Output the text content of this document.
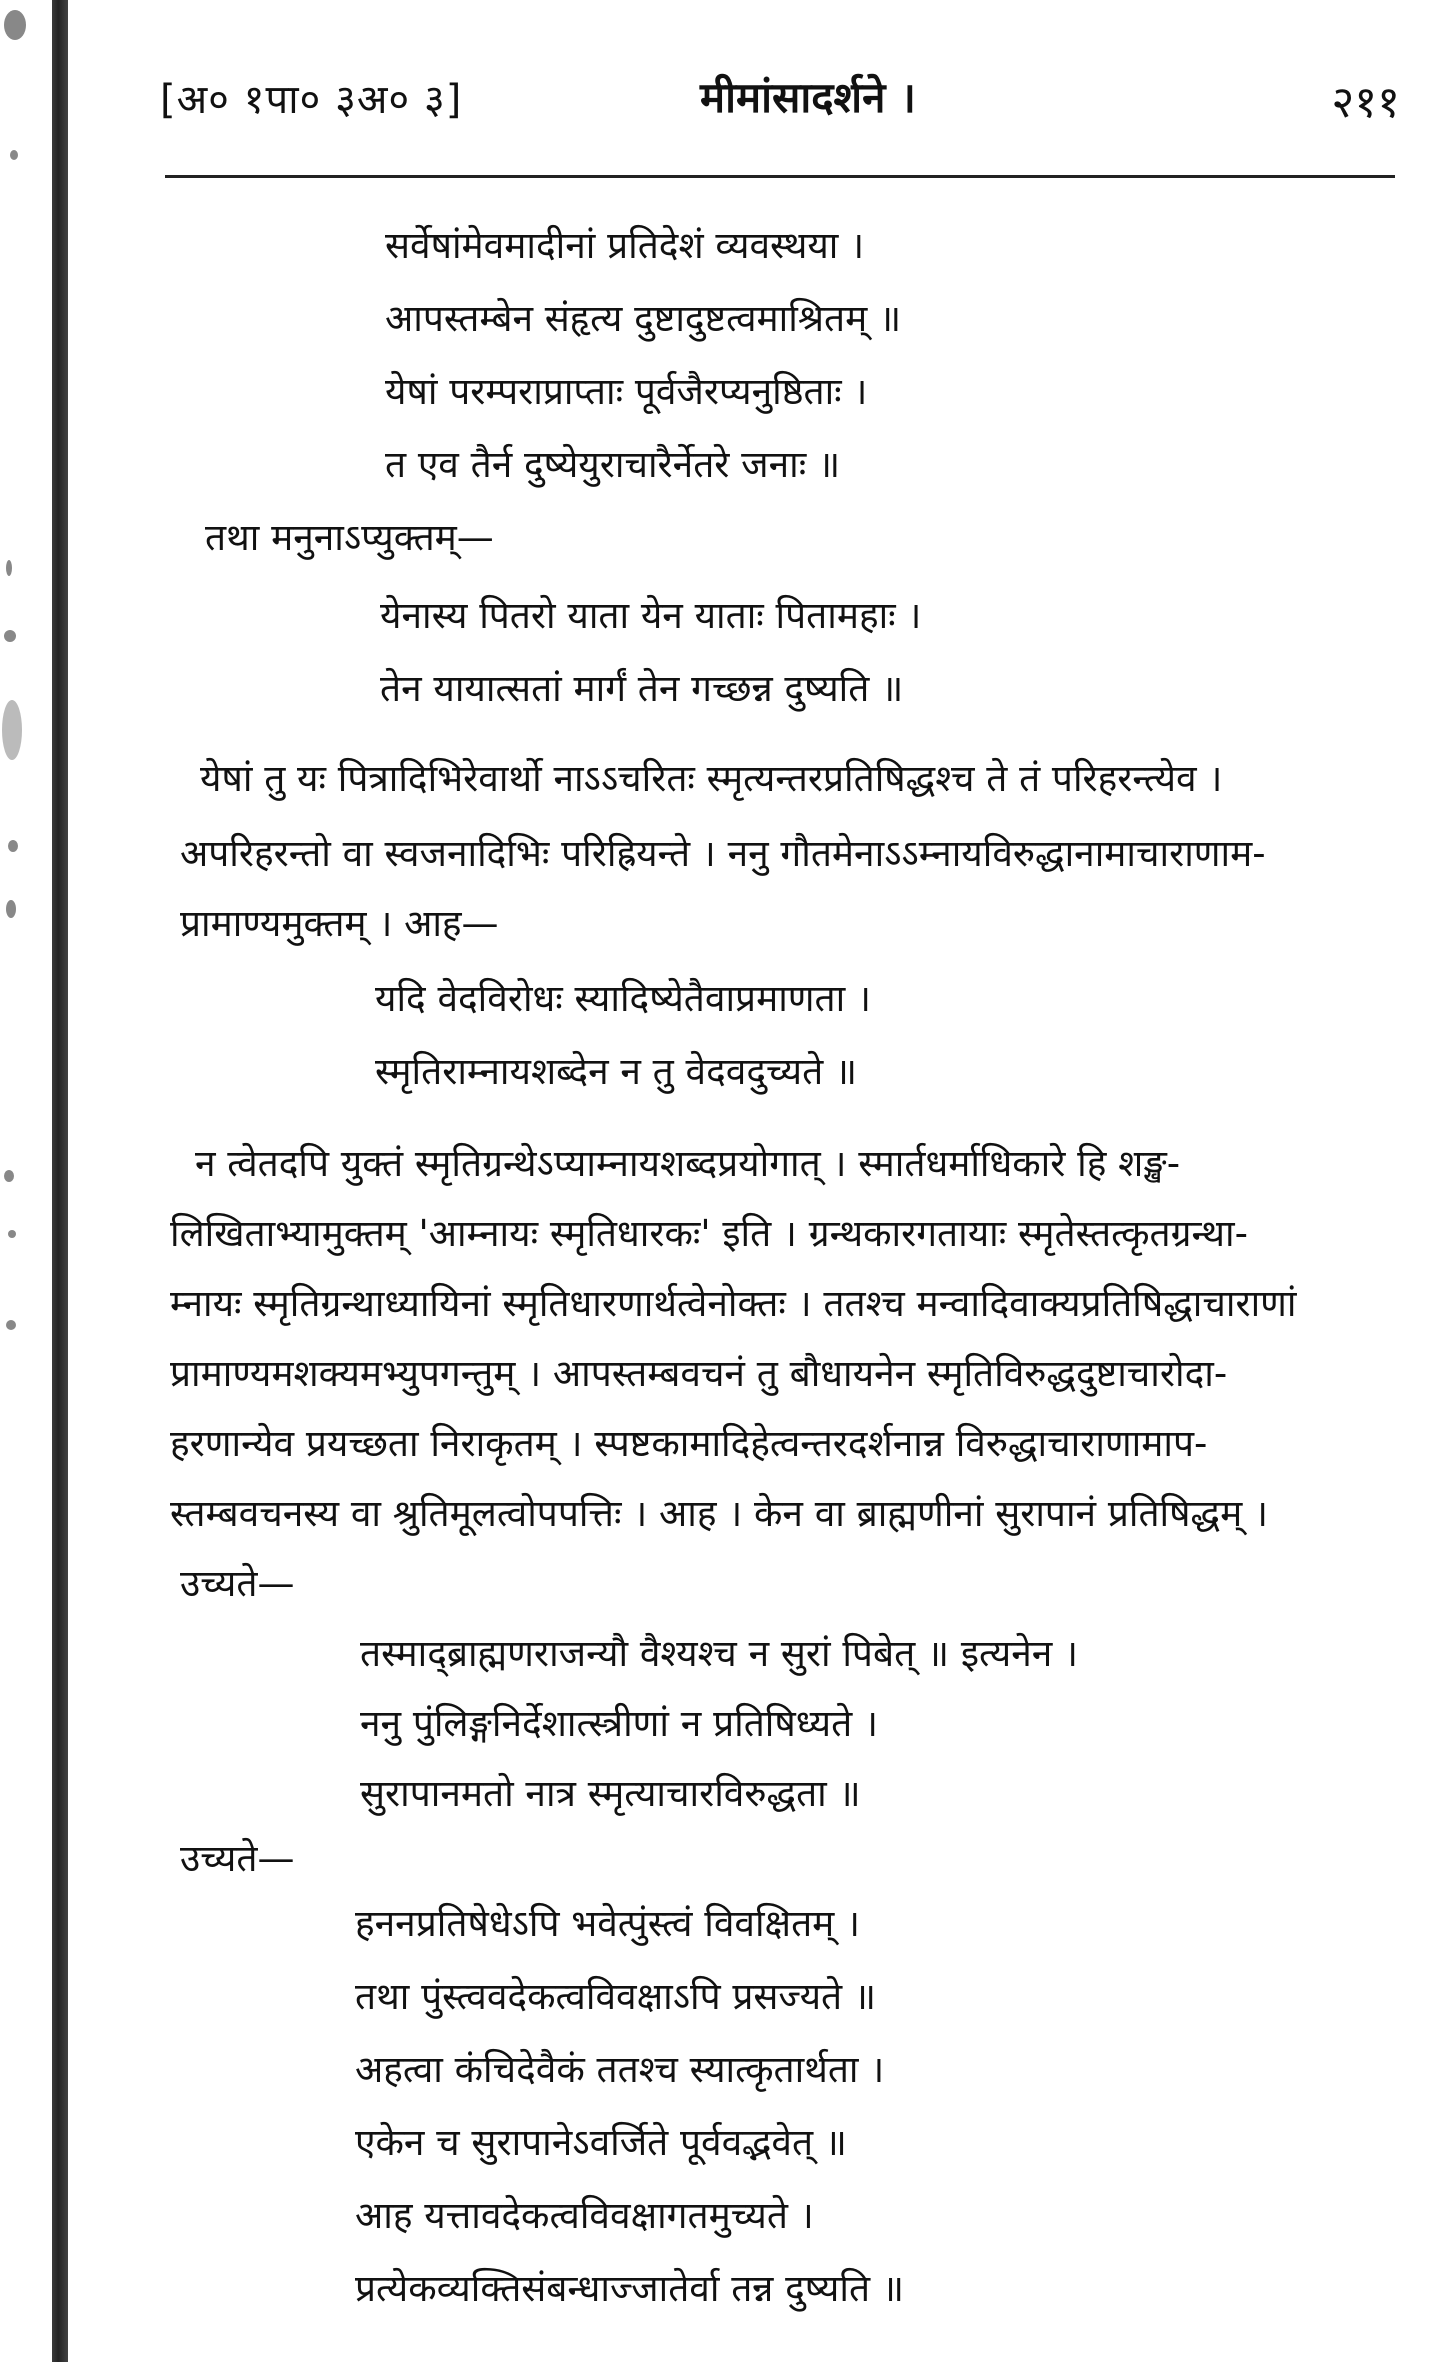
[अ० १पा० ३अ० ३]	मीमांसादर्शने ।	२११
सर्वेषांमेवमादीनां प्रतिदेशं व्यवस्थया ।
आपस्तम्बेन संहृत्य दुष्टादुष्टत्वमाश्रितम् ॥
येषां परम्पराप्राप्ताः पूर्वजैरप्यनुष्ठिताः ।
त एव तैर्न दुष्येयुराचारैर्नेतरे जनाः ॥
तथा मनुनाऽप्युक्तम्—
येनास्य पितरो याता येन याताः पितामहाः ।
तेन यायात्सतां मार्गं तेन गच्छन्न दुष्यति ॥
येषां तु यः पित्रादिभिरेवार्थो नाऽऽचरितः स्मृत्यन्तरप्रतिषिद्धश्च ते तं परिहरन्त्येव ।
अपरिहरन्तो वा स्वजनादिभिः परिह्रियन्ते । ननु गौतमेनाऽऽम्नायविरुद्धानामाचाराणाम-
प्रामाण्यमुक्तम् । आह—
यदि वेदविरोधः स्यादिष्येतैवाप्रमाणता ।
स्मृतिराम्नायशब्देन न तु वेदवदुच्यते ॥
न त्वेतदपि युक्तं स्मृतिग्रन्थेऽप्याम्नायशब्दप्रयोगात् । स्मार्तधर्माधिकारे हि शङ्ख-
लिखिताभ्यामुक्तम् 'आम्नायः स्मृतिधारकः' इति । ग्रन्थकारगतायाः स्मृतेस्तत्कृतग्रन्था-
म्नायः स्मृतिग्रन्थाध्यायिनां स्मृतिधारणार्थत्वेनोक्तः । ततश्च मन्वादिवाक्यप्रतिषिद्धाचाराणां
प्रामाण्यमशक्यमभ्युपगन्तुम् । आपस्तम्बवचनं तु बौधायनेन स्मृतिविरुद्धदुष्टाचारोदा-
हरणान्येव प्रयच्छता निराकृतम् । स्पष्टकामादिहेत्वन्तरदर्शनान्न विरुद्धाचाराणामाप-
स्तम्बवचनस्य वा श्रुतिमूलत्वोपपत्तिः । आह । केन वा ब्राह्मणीनां सुरापानं प्रतिषिद्धम् ।
उच्यते—
तस्माद्ब्राह्मणराजन्यौ वैश्यश्च न सुरां पिबेत् ॥ इत्यनेन ।
ननु पुंलिङ्गनिर्देशात्स्त्रीणां न प्रतिषिध्यते ।
सुरापानमतो नात्र स्मृत्याचारविरुद्धता ॥
उच्यते—
हननप्रतिषेधेऽपि भवेत्पुंस्त्वं विवक्षितम् ।
तथा पुंस्त्ववदेकत्वविवक्षाऽपि प्रसज्यते ॥
अहत्वा कंचिदेवैकं ततश्च स्यात्कृतार्थता ।
एकेन च सुरापानेऽवर्जिते पूर्ववद्भवेत् ॥
आह यत्तावदेकत्वविवक्षागतमुच्यते ।
प्रत्येकव्यक्तिसंबन्धाज्जातेर्वा तन्न दुष्यति ॥
